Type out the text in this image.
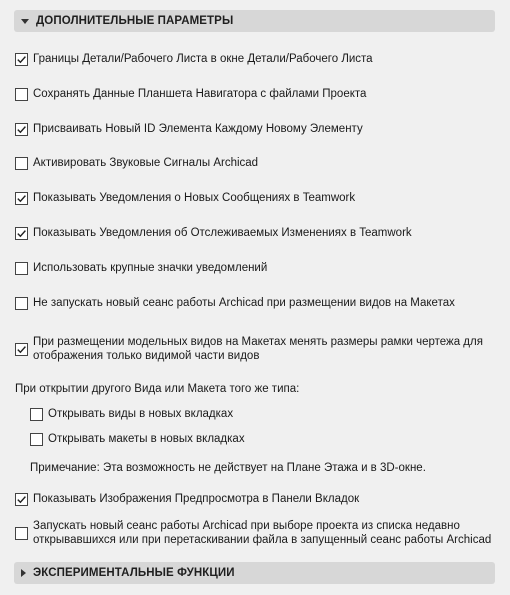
ДОПОЛНИТЕЛЬНЫЕ ПАРАМЕТРЫ
Границы Детали/Рабочего Листа в окне Детали/Рабочего Листа
Сохранять Данные Планшета Навигатора с файлами Проекта
Присваивать Новый ID Элемента Каждому Новому Элементу
Активировать Звуковые Сигналы Archicad
Показывать Уведомления о Новых Сообщениях в Teamwork
Показывать Уведомления об Отслеживаемых Изменениях в Teamwork
Использовать крупные значки уведомлений
Не запускать новый сеанс работы Archicad при размещении видов на Макетах
При размещении модельных видов на Макетах менять размеры рамки чертежа для отображения только видимой части видов
При открытии другого Вида или Макета того же типа:
Открывать виды в новых вкладках
Открывать макеты в новых вкладках
Примечание: Эта возможность не действует на Плане Этажа и в 3D-окне.
Показывать Изображения Предпросмотра в Панели Вкладок
Запускать новый сеанс работы Archicad при выборе проекта из списка недавно открывавшихся или при перетаскивании файла в запущенный сеанс работы Archicad
ЭКСПЕРИМЕНТАЛЬНЫЕ ФУНКЦИИ
